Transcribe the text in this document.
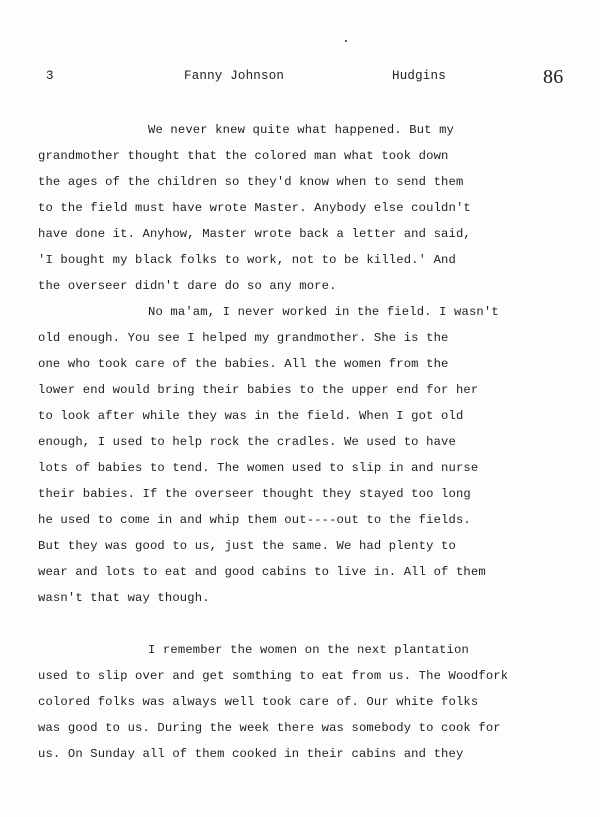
3	Fanny Johnson	Hudgins	86
We never knew quite what happened. But my
grandmother thought that the colored man what took down
the ages of the children so they'd know when to send them
to the field must have wrote Master. Anybody else couldn't
have done it. Anyhow, Master wrote back a letter and said,
'I bought my black folks to work, not to be killed.' And
the overseer didn't dare do so any more.
No ma'am, I never worked in the field. I wasn't
old enough. You see I helped my grandmother. She is the
one who took care of the babies. All the women from the
lower end would bring their babies to the upper end for her
to look after while they was in the field. When I got old
enough, I used to help rock the cradles. We used to have
lots of babies to tend. The women used to slip in and nurse
their babies. If the overseer thought they stayed too long
he used to come in and whip them out----out to the fields.
But they was good to us, just the same. We had plenty to
wear and lots to eat and good cabins to live in. All of them
wasn't that way though.
I remember the women on the next plantation
used to slip over and get somthing to eat from us. The Woodfork
colored folks was always well took care of. Our white folks
was good to us. During the week there was somebody to cook for
us. On Sunday all of them cooked in their cabins and they
